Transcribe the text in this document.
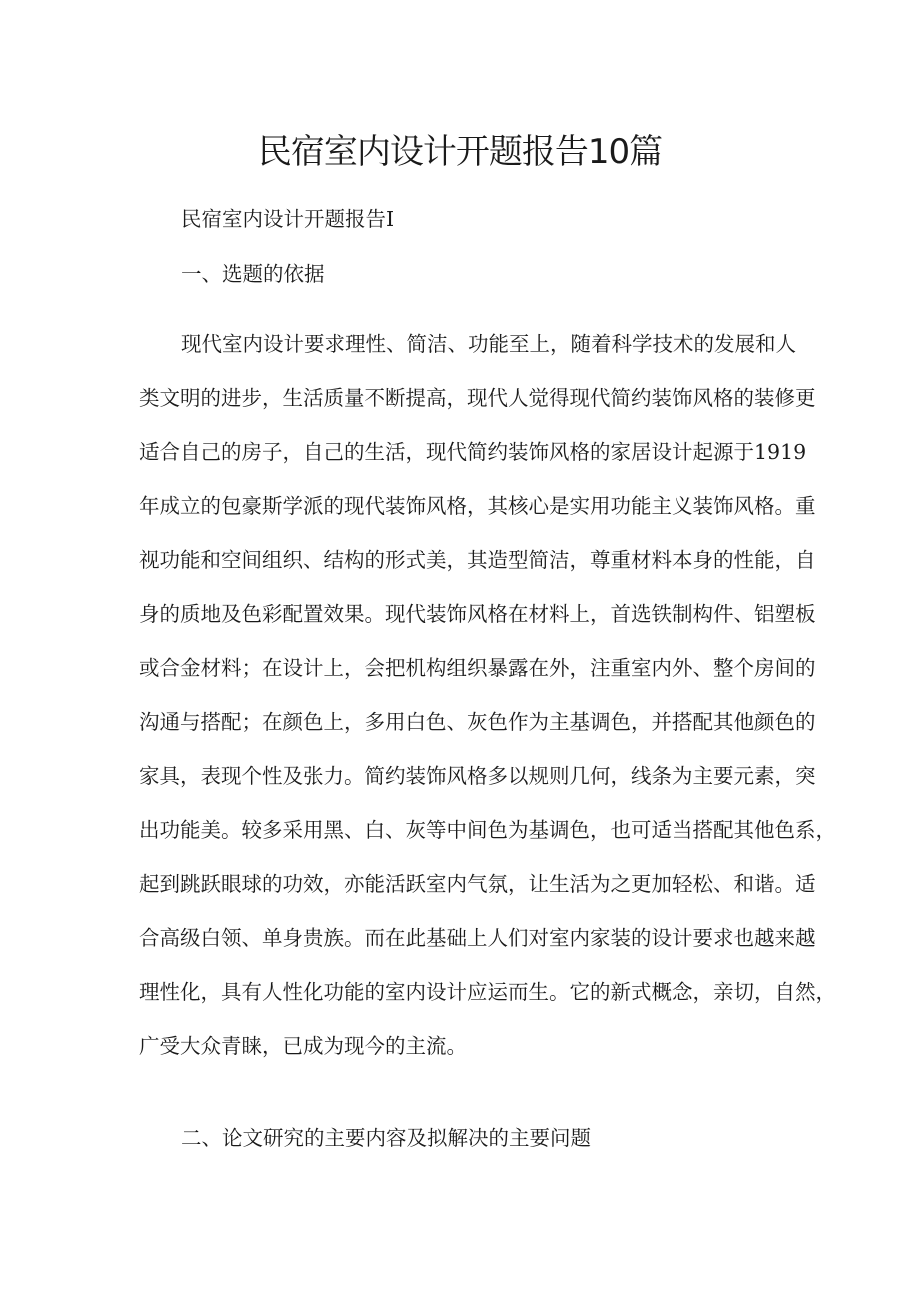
民宿室内设计开题报告10篇

民宿室内设计开题报告Ⅰ

一、选题的依据

现代室内设计要求理性、简洁、功能至上，随着科学技术的发展和人

类文明的进步，生活质量不断提高，现代人觉得现代简约装饰风格的装修更

适合自己的房子，自己的生活，现代简约装饰风格的家居设计起源于1919

年成立的包豪斯学派的现代装饰风格，其核心是实用功能主义装饰风格。重

视功能和空间组织、结构的形式美，其造型简洁，尊重材料本身的性能，自

身的质地及色彩配置效果。现代装饰风格在材料上，首选铁制构件、铝塑板

或合金材料；在设计上，会把机构组织暴露在外，注重室内外、整个房间的

沟通与搭配；在颜色上，多用白色、灰色作为主基调色，并搭配其他颜色的

家具，表现个性及张力。简约装饰风格多以规则几何，线条为主要元素，突

出功能美。较多采用黑、白、灰等中间色为基调色，也可适当搭配其他色系，

起到跳跃眼球的功效，亦能活跃室内气氛，让生活为之更加轻松、和谐。适

合高级白领、单身贵族。而在此基础上人们对室内家装的设计要求也越来越

理性化，具有人性化功能的室内设计应运而生。它的新式概念，亲切，自然，

广受大众青睐，已成为现今的主流。

二、论文研究的主要内容及拟解决的主要问题
